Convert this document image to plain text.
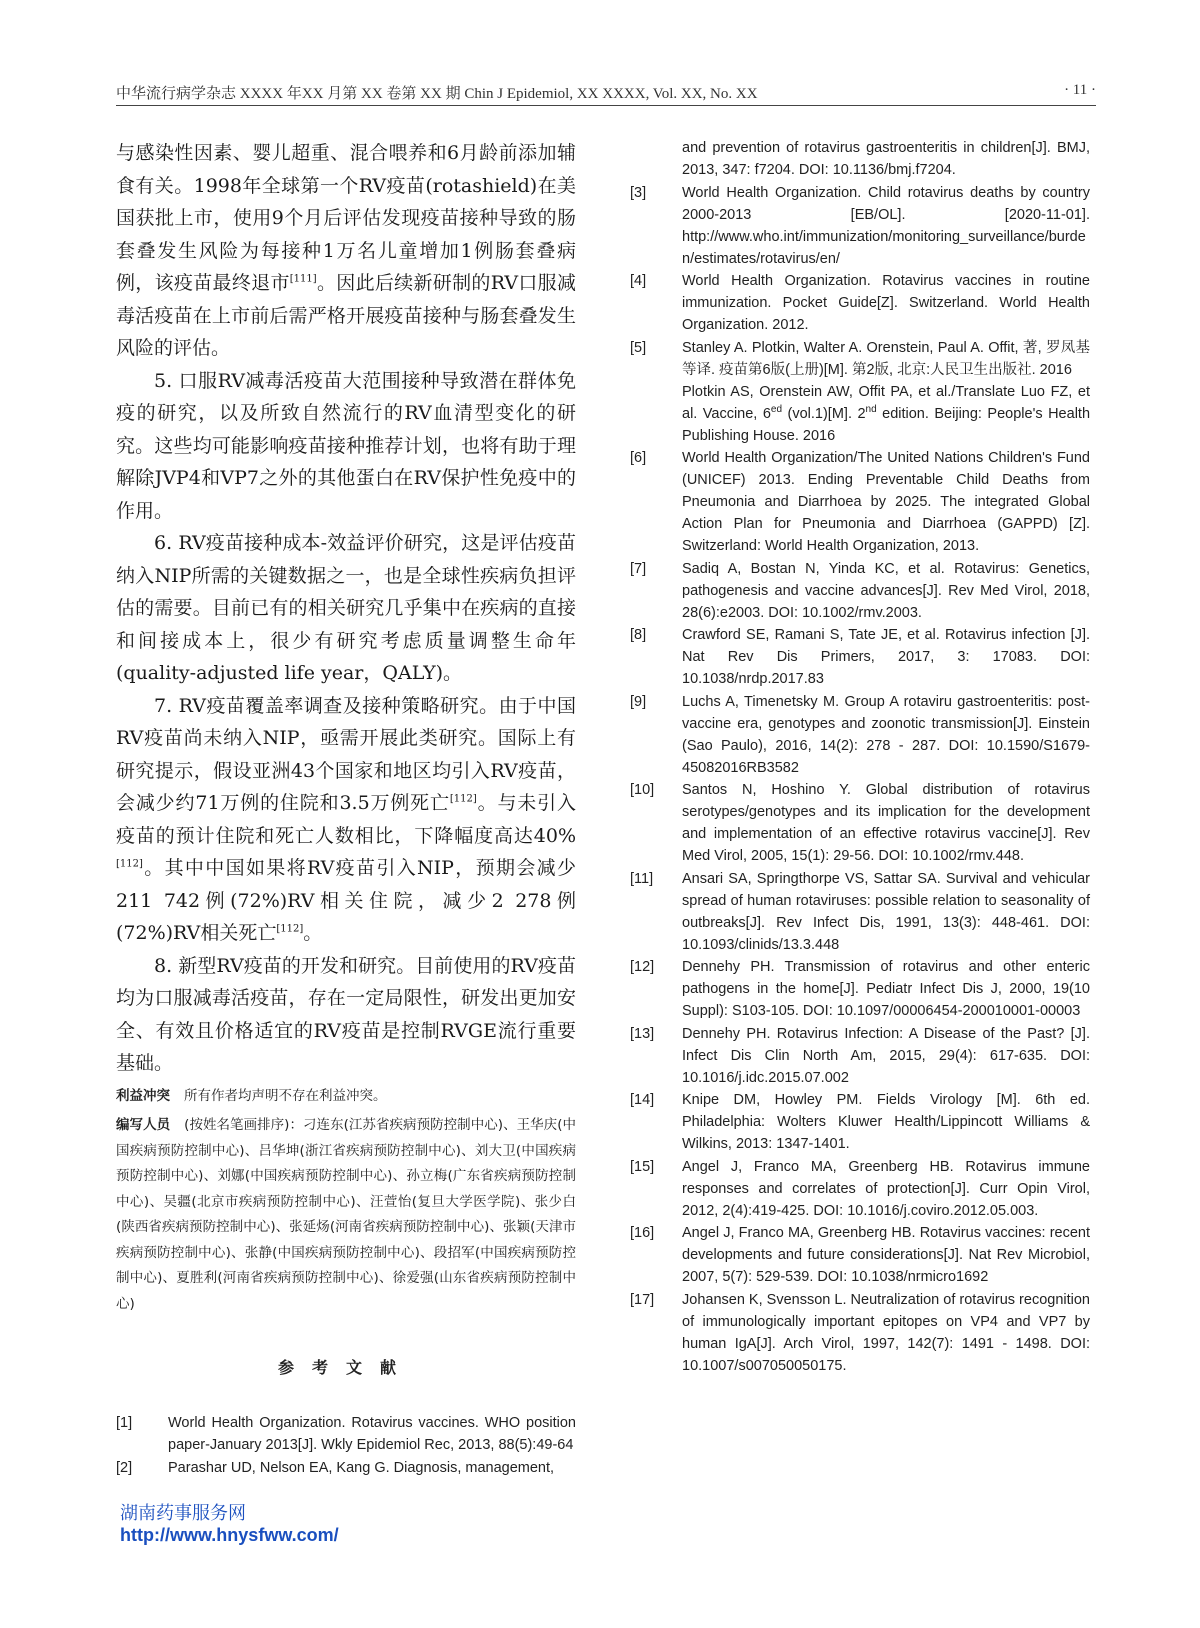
中华流行病学杂志 XXXX 年XX 月第 XX 卷第 XX 期 Chin J Epidemiol, XX XXXX, Vol. XX, No. XX	· 11 ·

与感染性因素、婴儿超重、混合喂养和6月龄前添加辅食有关。1998年全球第一个RV疫苗(rotashield)在美国获批上市，使用9个月后评估发现疫苗接种导致的肠套叠发生风险为每接种1万名儿童增加1例肠套叠病例，该疫苗最终退市[111]。因此后续新研制的RV口服减毒活疫苗在上市前后需严格开展疫苗接种与肠套叠发生风险的评估。

5. 口服RV减毒活疫苗大范围接种导致潜在群体免疫的研究，以及所致自然流行的RV血清型变化的研究。这些均可能影响疫苗接种推荐计划，也将有助于理解除JVP4和VP7之外的其他蛋白在RV保护性免疫中的作用。

6. RV疫苗接种成本-效益评价研究，这是评估疫苗纳入NIP所需的关键数据之一，也是全球性疾病负担评估的需要。目前已有的相关研究几乎集中在疾病的直接和间接成本上，很少有研究考虑质量调整生命年(quality-adjusted life year，QALY)。

7. RV疫苗覆盖率调查及接种策略研究。由于中国RV疫苗尚未纳入NIP，亟需开展此类研究。国际上有研究提示，假设亚洲43个国家和地区均引入RV疫苗，会减少约71万例的住院和3.5万例死亡[112]。与未引入疫苗的预计住院和死亡人数相比，下降幅度高达40%[112]。其中中国如果将RV疫苗引入NIP，预期会减少211 742例(72%)RV相关住院，减少2 278例(72%)RV相关死亡[112]。

8. 新型RV疫苗的开发和研究。目前使用的RV疫苗均为口服减毒活疫苗，存在一定局限性，研发出更加安全、有效且价格适宜的RV疫苗是控制RVGE流行重要基础。

利益冲突 所有作者均声明不存在利益冲突。

编写人员 (按姓名笔画排序)：刁连东(江苏省疾病预防控制中心)、王华庆(中国疾病预防控制中心)、吕华坤(浙江省疾病预防控制中心)、刘大卫(中国疾病预防控制中心)、刘娜(中国疾病预防控制中心)、孙立梅(广东省疾病预防控制中心)、吴疆(北京市疾病预防控制中心)、汪萱怡(复旦大学医学院)、张少白(陕西省疾病预防控制中心)、张延炀(河南省疾病预防控制中心)、张颖(天津市疾病预防控制中心)、张静(中国疾病预防控制中心)、段招军(中国疾病预防控制中心)、夏胜利(河南省疾病预防控制中心)、徐爱强(山东省疾病预防控制中心)

参考文献
[1]	World Health Organization. Rotavirus vaccines. WHO position paper-January 2013[J]. Wkly Epidemiol Rec, 2013, 88(5):49-64
[2]	Parashar UD, Nelson EA, Kang G. Diagnosis, management,
and prevention of rotavirus gastroenteritis in children[J]. BMJ, 2013, 347: f7204. DOI: 10.1136/bmj.f7204.
[3]	World Health Organization. Child rotavirus deaths by country 2000-2013 [EB/OL]. [2020-11-01]. http://www.who.int/immunization/monitoring_surveillance/burden/estimates/rotavirus/en/
[4]	World Health Organization. Rotavirus vaccines in routine immunization. Pocket Guide[Z]. Switzerland. World Health Organization. 2012.
[5]	Stanley A. Plotkin, Walter A. Orenstein, Paul A. Offit, 著, 罗凤基等译. 疫苗第6版(上册)[M]. 第2版, 北京:人民卫生出版社. 2016
Plotkin AS, Orenstein AW, Offit PA, et al./Translate Luo FZ, et al. Vaccine, $6^{ed}$ (vol.1)[M]. 2nd edition. Beijing: People's Health Publishing House. 2016
[6]	World Health Organization/The United Nations Children's Fund (UNICEF) 2013. Ending Preventable Child Deaths from Pneumonia and Diarrhoea by 2025. The integrated Global Action Plan for Pneumonia and Diarrhoea (GAPPD) [Z]. Switzerland: World Health Organization, 2013.
[7]	Sadiq A, Bostan N, Yinda KC, et al. Rotavirus: Genetics, pathogenesis and vaccine advances[J]. Rev Med Virol, 2018, 28(6):e2003. DOI: 10.1002/rmv.2003.
[8]	Crawford SE, Ramani S, Tate JE, et al. Rotavirus infection [J]. Nat Rev Dis Primers, 2017, 3: 17083. DOI: 10.1038/nrdp.2017.83
[9]	Luchs A, Timenetsky M. Group A rotaviru gastroenteritis: post-vaccine era, genotypes and zoonotic transmission[J]. Einstein (Sao Paulo), 2016, 14(2): 278 - 287. DOI: 10.1590/S1679-45082016RB3582
[10]	Santos N, Hoshino Y. Global distribution of rotavirus serotypes/genotypes and its implication for the development and implementation of an effective rotavirus vaccine[J]. Rev Med Virol, 2005, 15(1): 29-56. DOI: 10.1002/rmv.448.
[11]	Ansari SA, Springthorpe VS, Sattar SA. Survival and vehicular spread of human rotaviruses: possible relation to seasonality of outbreaks[J]. Rev Infect Dis, 1991, 13(3): 448-461. DOI: 10.1093/clinids/13.3.448
[12]	Dennehy PH. Transmission of rotavirus and other enteric pathogens in the home[J]. Pediatr Infect Dis J, 2000, 19(10 Suppl): S103-105. DOI: 10.1097/00006454-200010001-00003
[13]	Dennehy PH. Rotavirus Infection: A Disease of the Past? [J]. Infect Dis Clin North Am, 2015, 29(4): 617-635. DOI: 10.1016/j.idc.2015.07.002
[14]	Knipe DM, Howley PM. Fields Virology [M]. 6th ed. Philadelphia: Wolters Kluwer Health/Lippincott Williams & Wilkins, 2013: 1347-1401.
[15]	Angel J, Franco MA, Greenberg HB. Rotavirus immune responses and correlates of protection[J]. Curr Opin Virol, 2012, 2(4):419-425. DOI: 10.1016/j.coviro.2012.05.003.
[16]	Angel J, Franco MA, Greenberg HB. Rotavirus vaccines: recent developments and future considerations[J]. Nat Rev Microbiol, 2007, 5(7): 529-539. DOI: 10.1038/nrmicro1692
[17]	Johansen K, Svensson L. Neutralization of rotavirus recognition of immunologically important epitopes on VP4 and VP7 by human IgA[J]. Arch Virol, 1997, 142(7): 1491 - 1498. DOI: 10.1007/s007050050175.
湖南药事服务网
http://www.hnysfww.com/
